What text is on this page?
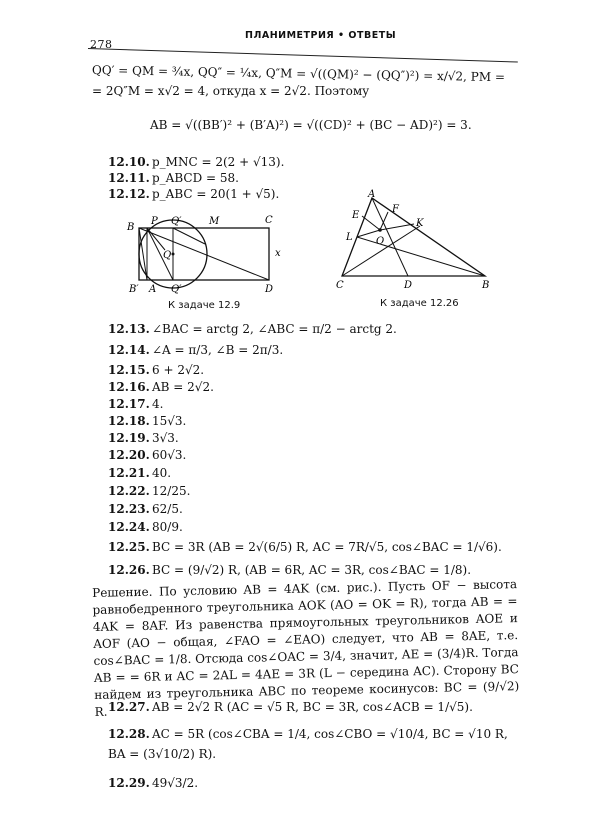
278
ПЛАНИМЕТРИЯ • ОТВЕТЫ
QQ′ = QM = ¾x, QQ″ = ¼x, Q″M = √((QM)² − (QQ″)²) = x/√2, PM =
= 2Q″M = x√2 = 4, откуда x = 2√2. Поэтому
AB = √((BB′)² + (B′A)²) = √((CD)² + (BC − AD)²) = 3.
12.10. p_MNC = 2(2 + √13).
12.11. p_ABCD = 58.
12.12. p_ABC = 20(1 + √5).
B
P Q′	M	C
Q	x
B′ A Q′	D
К задаче 12.9
A
E
F
K
L O
C	D	B
К задаче 12.26
12.13. ∠BAC = arctg 2, ∠ABC = π/2 − arctg 2.
12.14. ∠A = π/3, ∠B = 2π/3.
12.15. 6 + 2√2.
12.16. AB = 2√2.
12.17. 4.
12.18. 15√3.
12.19. 3√3.
12.20. 60√3.
12.21. 40.
12.22. 12/25.
12.23. 62/5.
12.24. 80/9.
12.25. BC = 3R (AB = 2√(6/5) R, AC = 7R/√5, cos∠BAC = 1/√6).
12.26. BC = (9/√2) R, (AB = 6R, AC = 3R, cos∠BAC = 1/8).
Решение. По условию AB = 4AK (см. рис.). Пусть OF − высота равнобедренного треугольника AOK (AO = OK = R), тогда AB = = 4AK = 8AF. Из равенства прямоугольных треугольников AOE и AOF (AO − общая, ∠FAO = ∠EAO) следует, что AB = 8AE, т.е. cos∠BAC = 1/8. Отсюда cos∠OAC = 3/4, значит, AE = (3/4)R. Тогда AB = = 6R и AC = 2AL = 4AE = 3R (L − середина AC). Сторону BC найдем из треугольника ABC по теореме косинусов: BC = (9/√2) R. 12.27. AB = 2√2 R (AC = √5 R, BC = 3R, cos∠ACB = 1/√5).
12.28. AC = 5R (cos∠CBA = 1/4, cos∠CBO = √10/4, BC = √10 R, BA = (3√10/2) R).
12.29. 49√3/2.
